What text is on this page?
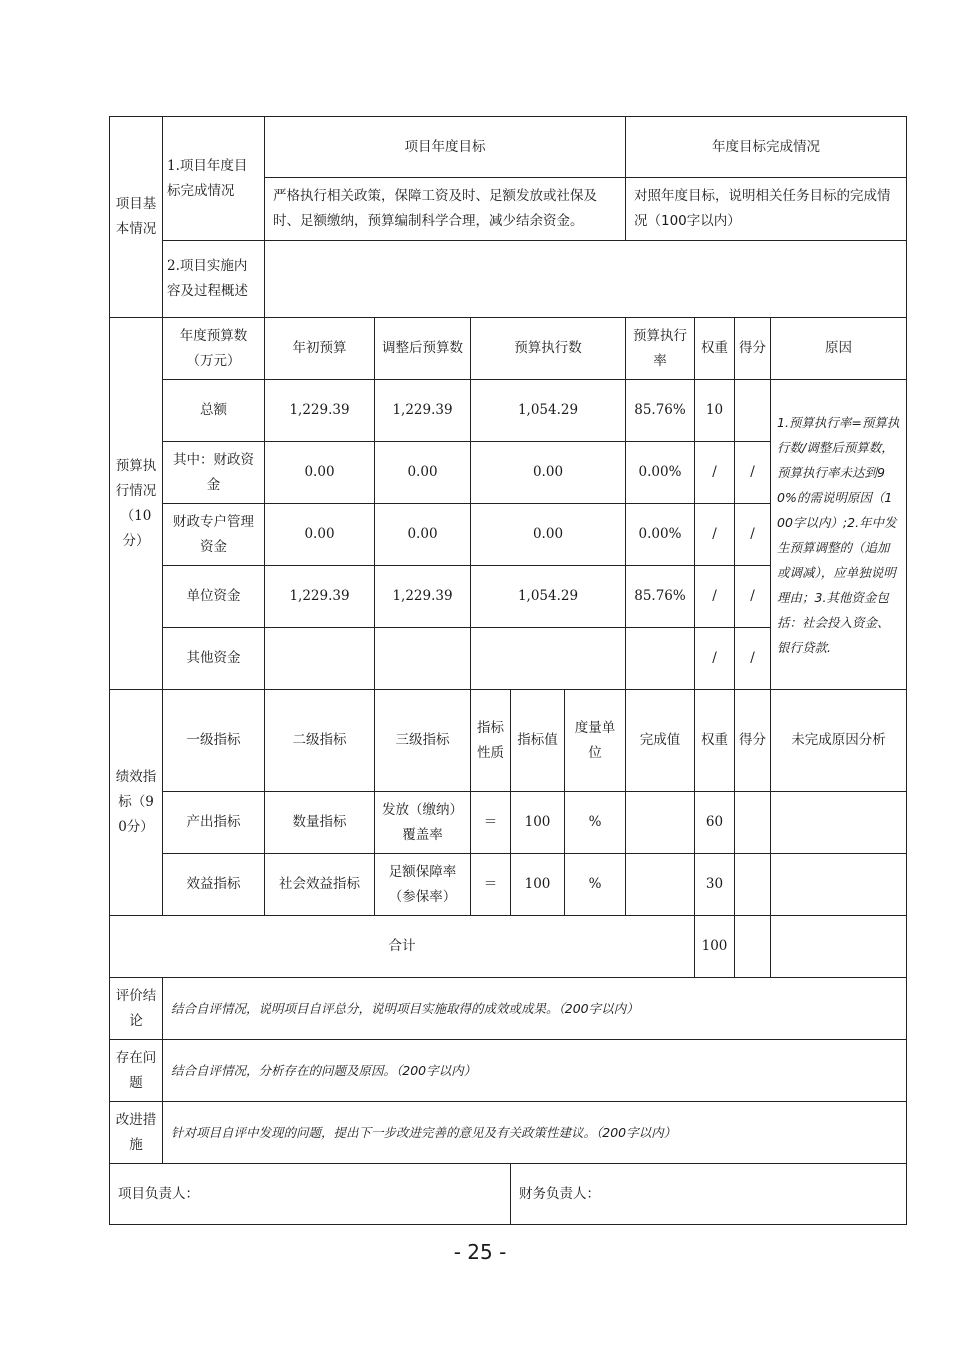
项目基本情况	1.项目年度目标完成情况	项目年度目标					年度目标完成情况			
		严格执行相关政策，保障工资及时、足额发放或社保及时、足额缴纳，预算编制科学合理，减少结余资金。					对照年度目标，说明相关任务目标的完成情况（100字以内）			
	2.项目实施内容及过程概述									
预算执行情况（10分）	年度预算数（万元）	年初预算	调整后预算数	预算执行数			预算执行率	权重	得分	原因
	总额	1,229.39	1,229.39	1,054.29			85.76%	10		1.预算执行率=预算执行数/调整后预算数，预算执行率未达到90%的需说明原因（100字以内）;2.年中发生预算调整的（追加或调减），应单独说明理由；3.其他资金包括：社会投入资金、银行贷款.
	其中：财政资金	0.00	0.00	0.00			0.00%	/	/	
	财政专户管理资金	0.00	0.00	0.00			0.00%	/	/	
	单位资金	1,229.39	1,229.39	1,054.29			85.76%	/	/	
	其他资金							/	/	
绩效指标（90分）	一级指标	二级指标	三级指标	指标性质	指标值	度量单位	完成值	权重	得分	未完成原因分析
	产出指标	数量指标	发放（缴纳）覆盖率	＝	100	%		60		
	效益指标	社会效益指标	足额保障率（参保率）	＝	100	%		30		
合计								100		
评价结论	结合自评情况，说明项目自评总分，说明项目实施取得的成效或成果。（200字以内）									
存在问题	结合自评情况，分析存在的问题及原因。（200字以内）									
改进措施	针对项目自评中发现的问题，提出下一步改进完善的意见及有关政策性建议。（200字以内）									
项目负责人：					财务负责人：					
- 25 -
